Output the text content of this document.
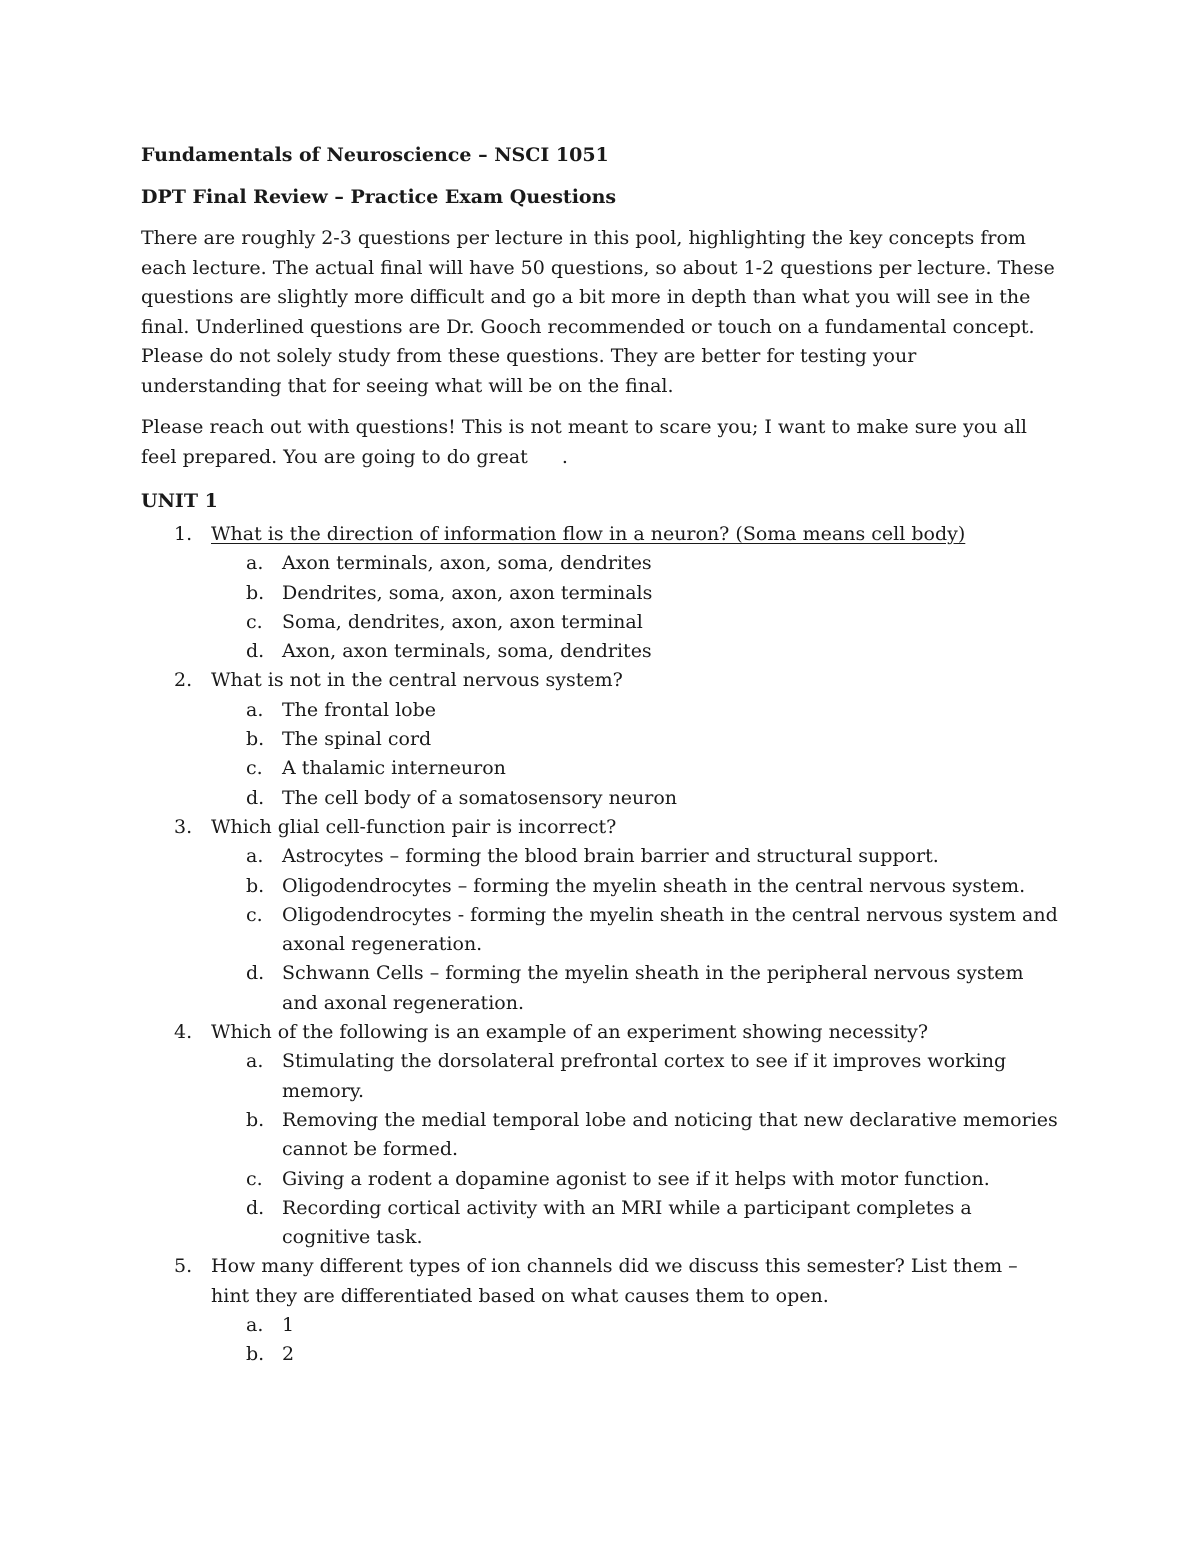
Fundamentals of Neuroscience – NSCI 1051

DPT Final Review – Practice Exam Questions

There are roughly 2-3 questions per lecture in this pool, highlighting the key concepts from each lecture. The actual final will have 50 questions, so about 1-2 questions per lecture. These questions are slightly more difficult and go a bit more in depth than what you will see in the final. Underlined questions are Dr. Gooch recommended or touch on a fundamental concept. Please do not solely study from these questions. They are better for testing your understanding that for seeing what will be on the final.

Please reach out with questions! This is not meant to scare you; I want to make sure you all feel prepared. You are going to do great .

UNIT 1

1. What is the direction of information flow in a neuron? (Soma means cell body)
a. Axon terminals, axon, soma, dendrites
b. Dendrites, soma, axon, axon terminals
c. Soma, dendrites, axon, axon terminal
d. Axon, axon terminals, soma, dendrites
2. What is not in the central nervous system?
a. The frontal lobe
b. The spinal cord
c. A thalamic interneuron
d. The cell body of a somatosensory neuron
3. Which glial cell-function pair is incorrect?
a. Astrocytes – forming the blood brain barrier and structural support.
b. Oligodendrocytes – forming the myelin sheath in the central nervous system.
c. Oligodendrocytes - forming the myelin sheath in the central nervous system and axonal regeneration.
d. Schwann Cells – forming the myelin sheath in the peripheral nervous system and axonal regeneration.
4. Which of the following is an example of an experiment showing necessity?
a. Stimulating the dorsolateral prefrontal cortex to see if it improves working memory.
b. Removing the medial temporal lobe and noticing that new declarative memories cannot be formed.
c. Giving a rodent a dopamine agonist to see if it helps with motor function.
d. Recording cortical activity with an MRI while a participant completes a cognitive task.
5. How many different types of ion channels did we discuss this semester? List them – hint they are differentiated based on what causes them to open.
a. 1
b. 2
